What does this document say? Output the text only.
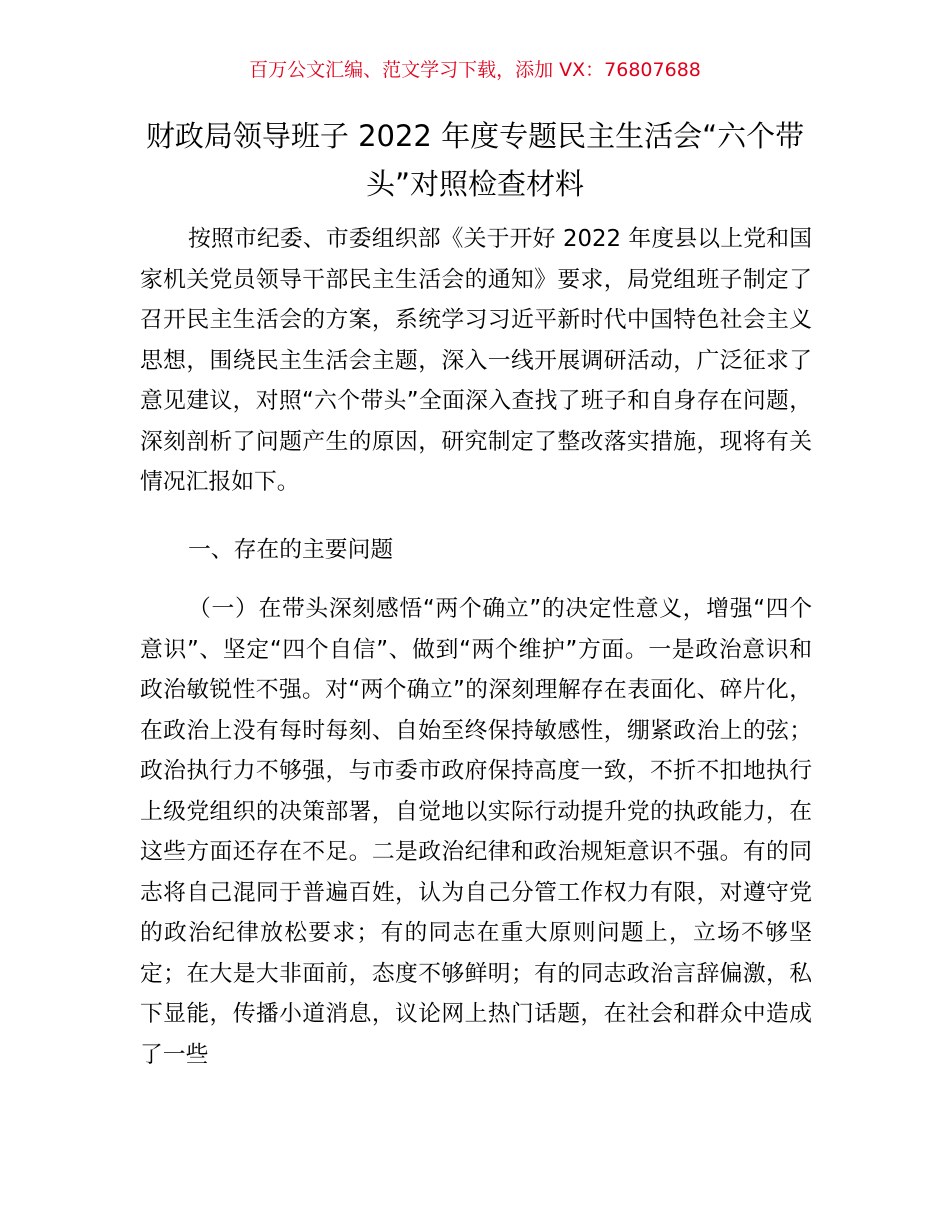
百万公文汇编、范文学习下载，添加 VX：76807688
财政局领导班子 2022 年度专题民主生活会“六个带头”对照检查材料

按照市纪委、市委组织部《关于开好 2022 年度县以上党和国家机关党员领导干部民主生活会的通知》要求，局党组班子制定了召开民主生活会的方案，系统学习习近平新时代中国特色社会主义思想，围绕民主生活会主题，深入一线开展调研活动，广泛征求了意见建议，对照“六个带头”全面深入查找了班子和自身存在问题，深刻剖析了问题产生的原因，研究制定了整改落实措施，现将有关情况汇报如下。

一、存在的主要问题

（一）在带头深刻感悟“两个确立”的决定性意义，增强“四个意识”、坚定“四个自信”、做到“两个维护”方面。一是政治意识和政治敏锐性不强。对“两个确立”的深刻理解存在表面化、碎片化，在政治上没有每时每刻、自始至终保持敏感性，绷紧政治上的弦；政治执行力不够强，与市委市政府保持高度一致，不折不扣地执行上级党组织的决策部署，自觉地以实际行动提升党的执政能力，在这些方面还存在不足。二是政治纪律和政治规矩意识不强。有的同志将自己混同于普遍百姓，认为自己分管工作权力有限，对遵守党的政治纪律放松要求；有的同志在重大原则问题上，立场不够坚定；在大是大非面前，态度不够鲜明；有的同志政治言辞偏激，私下显能，传播小道消息，议论网上热门话题，在社会和群众中造成了一些
